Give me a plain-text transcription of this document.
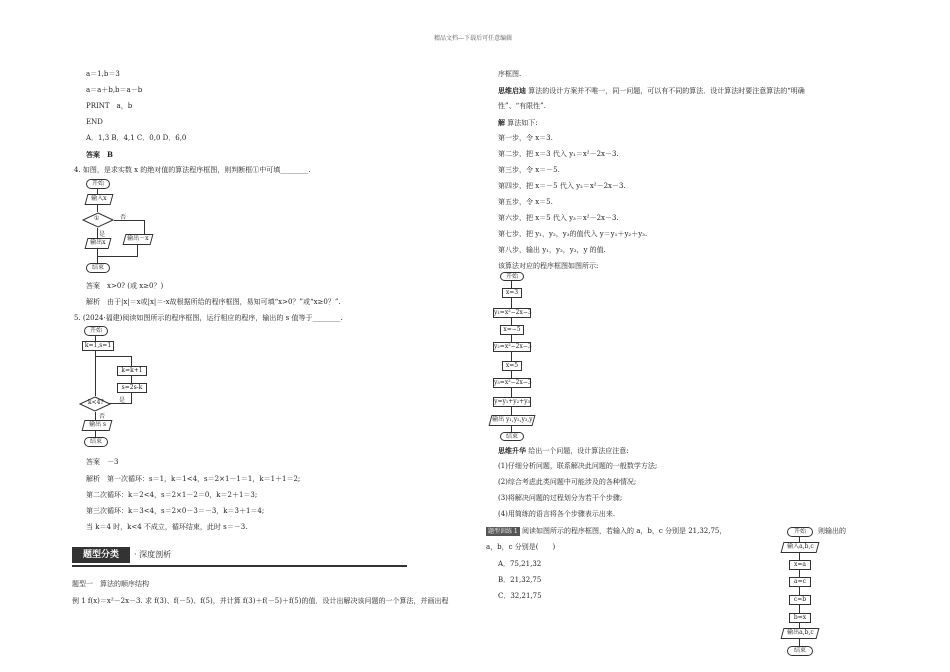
精品文档---下载后可任意编辑
a＝1,b＝3
a＝a＋b,b＝a－b
PRINT　a，b
END
A．1,3 B．4,1 C．0,0 D．6,0
答案　B
4. 如图，是求实数 x 的绝对值的算法程序框图，则判断框①中可填________.
开始
输入x
①	否
是
输出x
输出－x
结束
答案　x>0? (或 x≥0？)
解析　由于|x|＝x或|x|＝-x故根据所给的程序框图，易知可填“x>0？”或“x≥0？”.
5. (2024·福建)阅读如图所示的程序框图，运行相应的程序，输出的 s 值等于________.
开始
k=1,s=1
k=k+1
s=2s-k
是
k<4?
否
输出 s
结束
答案　－3
解析　第一次循环：s＝1，k＝1<4，s＝2×1－1＝1，k＝1＋1＝2;
第二次循环：k＝2<4，s＝2×1－2＝0，k＝2＋1＝3;
第三次循环：k＝3<4，s＝2×0－3＝－3，k＝3＋1＝4;
当 k＝4 时，k<4 不成立，循环结束，此时 s＝－3.
题型分类	· 深度剖析
题型一　算法的顺序结构
例 1 f(x)＝x²－2x－3. 求 f(3)、f(－5)、f(5)，并计算 f(3)＋f(－5)＋f(5)的值．设计出解决该问题的一个算法，并画出程
序框图.
思维启迪 算法的设计方案并不唯一，同一问题，可以有不同的算法．设计算法时要注意算法的“明确
性”、“有限性”.
解 算法如下:
第一步，令 x＝3.
第二步，把 x＝3 代入 y₁＝x²－2x－3.
第三步，令 x＝－5.
第四步，把 x＝－5 代入 y₂＝x²－2x－3.
第五步，令 x＝5.
第六步，把 x＝5 代入 y₃＝x²－2x－3.
第七步，把 y₁，y₂，y₃的值代入 y＝y₁＋y₂＋y₃.
第八步，输出 y₁，y₂，y₃，y 的值.
该算法对应的程序框图如图所示:
开始
x=3
y₁=x²−2x−3
x=−5
y₂=x²−2x−3
x=5
y₃=x²−2x−3
y=y₁+y₂+y₃
输出 y₁,y₂,y₃,y
结束
思维升华 给出一个问题，设计算法应注意:
(1)仔细分析问题，联系解决此问题的一般数学方法;
(2)综合考虑此类问题中可能涉及的各种情况;
(3)将解决问题的过程划分为若干个步骤;
(4)用简练的语言将各个步骤表示出来.
题型训练 1 阅读如图所示的程序框图，若输入的 a，b，c 分别是 21,32,75，	则输出的
a，b，c 分别是(　　)
A．75,21,32
B．21,32,75
C．32,21,75
开始
输入a,b,c
x=a
a=c
c=b
b=x
输出a,b,c
结束
